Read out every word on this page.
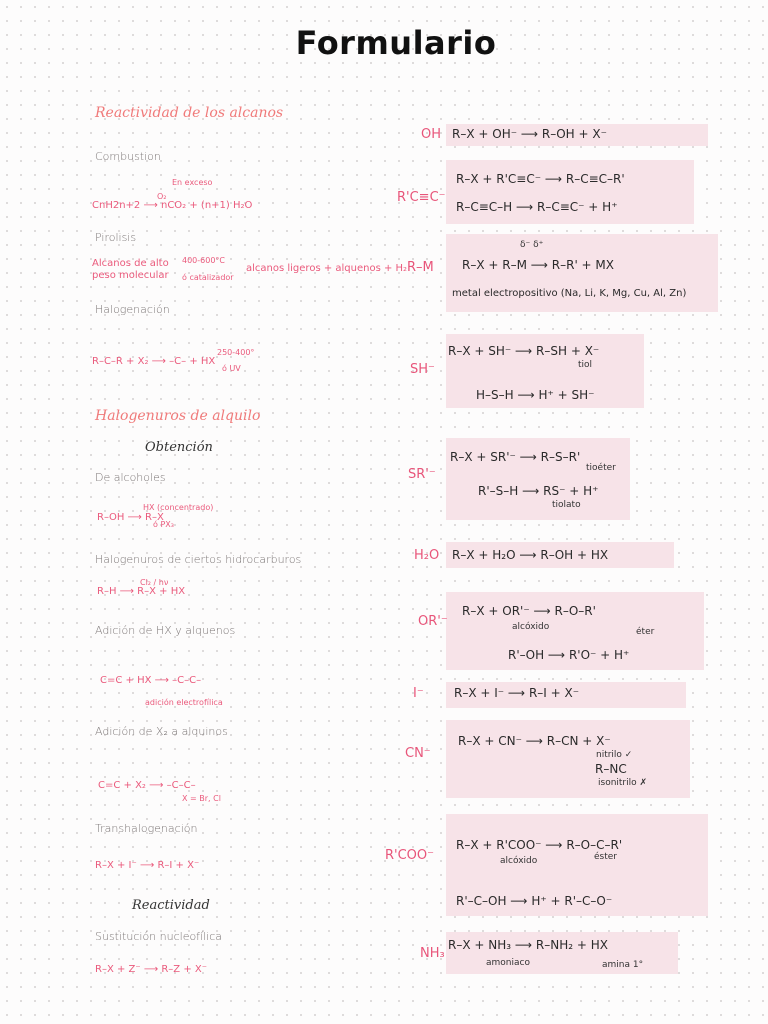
Formulario
Reactividad de los alcanos
Combustion
En exceso
O₂
CnH2n+2 ⟶ nCO₂ + (n+1) H₂O
Pirolisis
Alcanos de alto
peso molecular
400-600°C
ó catalizador
alcanos ligeros + alquenos + H₂
Halogenación
R–C–R + X₂ ⟶ –C– + HX
250-400°
ó UV
Halogenuros de alquilo
Obtención
De alcoholes
HX (concentrado)
ó PX₃
R–OH ⟶ R–X
Halogenuros de ciertos hidrocarburos
Cl₂ / hν
R–H ⟶ R–X + HX
Adición de HX y alquenos
C=C + HX ⟶ –C–C–
adición electrofílica
Adición de X₂ a alquinos
C=C + X₂ ⟶ –C–C–
X = Br, Cl
Transhalogenación
R–X + I⁻ ⟶ R–I + X⁻
Reactividad
Sustitución nucleofílica
R–X + Z⁻ ⟶ R–Z + X⁻
OH R–X + OH⁻ ⟶ R–OH + X⁻
R'C≡C⁻
R–X + R'C≡C⁻ ⟶ R–C≡C–R'
R–C≡C–H ⟶ R–C≡C⁻ + H⁺
R–M
δ⁻ δ⁺
R–X + R–M ⟶ R–R' + MX
metal electropositivo (Na, Li, K, Mg, Cu, Al, Zn)
SH⁻
R–X + SH⁻ ⟶ R–SH + X⁻
tiol
H–S–H ⟶ H⁺ + SH⁻
SR'⁻
R–X + SR'⁻ ⟶ R–S–R'
tioéter
R'–S–H ⟶ RS⁻ + H⁺
tiolato
H₂O R–X + H₂O ⟶ R–OH + HX
OR'⁻
R–X + OR'⁻ ⟶ R–O–R'
alcóxido	éter
R'–OH ⟶ R'O⁻ + H⁺
I⁻	R–X + I⁻ ⟶ R–I + X⁻
CN⁻
R–X + CN⁻ ⟶ R–CN + X⁻
nitrilo ✓
R–NC
isonitrilo ✗
R'COO⁻
R–X + R'COO⁻ ⟶ R–O–C–R'
alcóxido	éster
R'–C–OH ⟶ H⁺ + R'–C–O⁻
NH₃
R–X + NH₃ ⟶ R–NH₂ + HX
amoniaco	amina 1°
